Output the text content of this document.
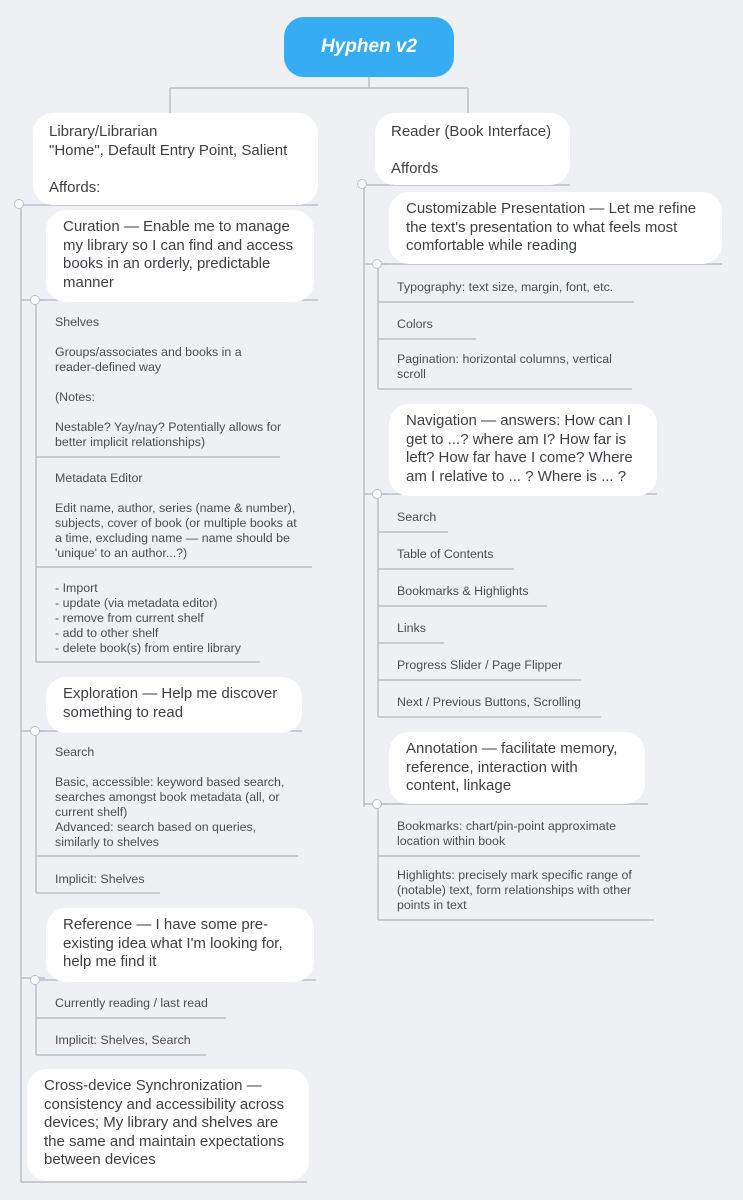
Hyphen v2
Library/Librarian
"Home", Default Entry Point, Salient

Affords:
Curation — Enable me to manage my library so I can find and access books in an orderly, predictable manner

Shelves

Groups/associates and books in a reader-defined way

(Notes:

Nestable? Yay/nay? Potentially allows for better implicit relationships)

Metadata Editor

Edit name, author, series (name & number), subjects, cover of book (or multiple books at a time, excluding name — name should be 'unique' to an author...?)

- Import
- update (via metadata editor)
- remove from current shelf
- add to other shelf
- delete book(s) from entire library

Exploration — Help me discover something to read

Search

Basic, accessible: keyword based search, searches amongst book metadata (all, or current shelf)
Advanced: search based on queries, similarly to shelves

Implicit: Shelves

Reference — I have some pre-existing idea what I'm looking for, help me find it

Currently reading / last read

Implicit: Shelves, Search

Cross-device Synchronization — consistency and accessibility across devices; My library and shelves are the same and maintain expectations between devices
Reader (Book Interface)

Affords
Customizable Presentation — Let me refine the text's presentation to what feels most comfortable while reading

Typography: text size, margin, font, etc.

Colors

Pagination: horizontal columns, vertical scroll

Navigation — answers: How can I get to ...? where am I? How far is left? How far have I come? Where am I relative to ... ? Where is ... ?

Search

Table of Contents

Bookmarks & Highlights

Links

Progress Slider / Page Flipper

Next / Previous Buttons, Scrolling

Annotation — facilitate memory, reference, interaction with content, linkage

Bookmarks: chart/pin-point approximate location within book

Highlights: precisely mark specific range of (notable) text, form relationships with other points in text
